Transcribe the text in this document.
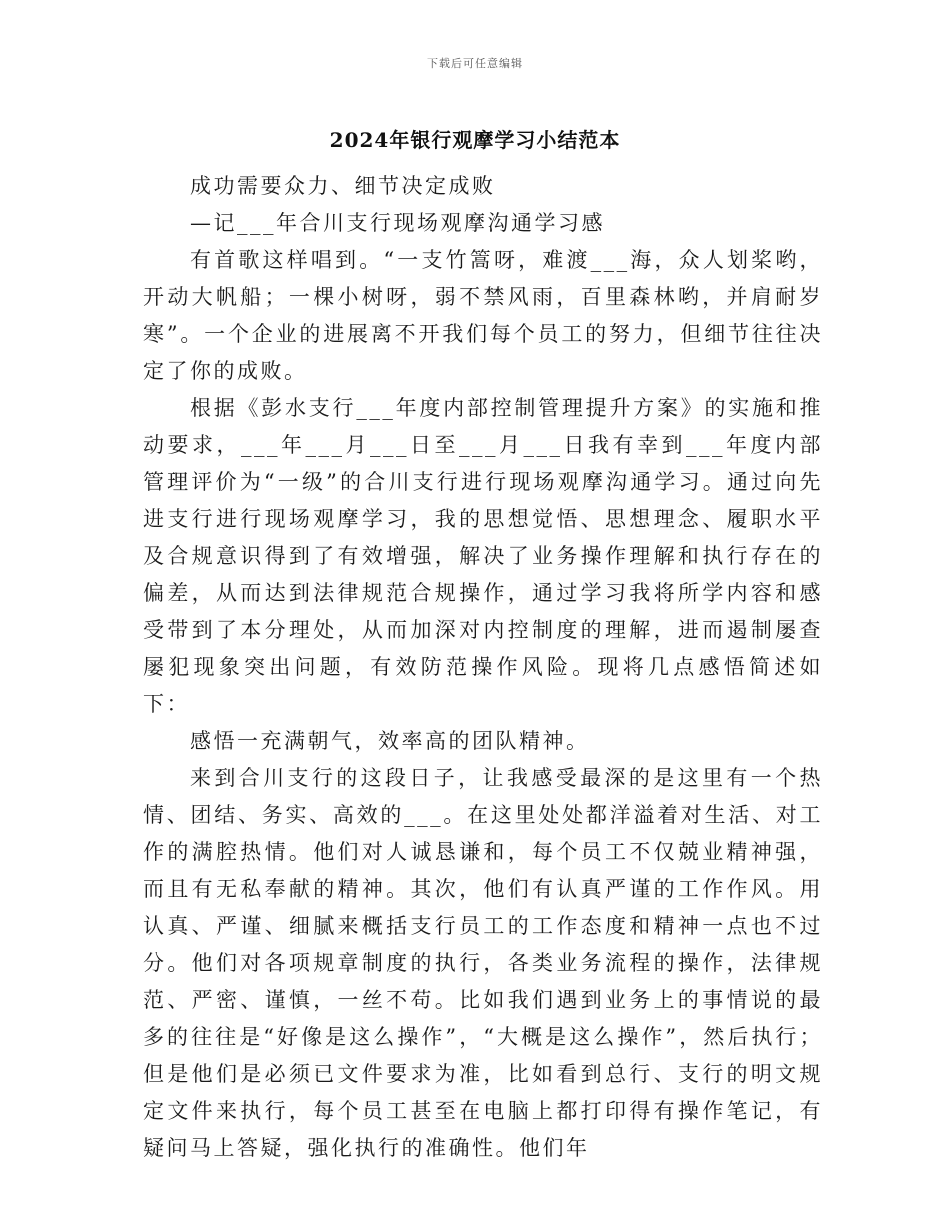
下载后可任意编辑
2024年银行观摩学习小结范本

成功需要众力、细节决定成败

—记___年合川支行现场观摩沟通学习感

有首歌这样唱到。“一支竹篙呀，难渡___海，众人划桨哟，开动大帆船；一棵小树呀，弱不禁风雨，百里森林哟，并肩耐岁寒”。一个企业的进展离不开我们每个员工的努力，但细节往往决定了你的成败。

根据《彭水支行___年度内部控制管理提升方案》的实施和推动要求，___年___月___日至___月___日我有幸到___年度内部管理评价为“一级”的合川支行进行现场观摩沟通学习。通过向先进支行进行现场观摩学习，我的思想觉悟、思想理念、履职水平及合规意识得到了有效增强，解决了业务操作理解和执行存在的偏差，从而达到法律规范合规操作，通过学习我将所学内容和感受带到了本分理处，从而加深对内控制度的理解，进而遏制屡查屡犯现象突出问题，有效防范操作风险。现将几点感悟简述如下：

感悟一充满朝气，效率高的团队精神。

来到合川支行的这段日子，让我感受最深的是这里有一个热情、团结、务实、高效的___。在这里处处都洋溢着对生活、对工作的满腔热情。他们对人诚恳谦和，每个员工不仅兢业精神强，而且有无私奉献的精神。其次，他们有认真严谨的工作作风。用认真、严谨、细腻来概括支行员工的工作态度和精神一点也不过分。他们对各项规章制度的执行，各类业务流程的操作，法律规范、严密、谨慎，一丝不苟。比如我们遇到业务上的事情说的最多的往往是“好像是这么操作”，“大概是这么操作”，然后执行；但是他们是必须已文件要求为准，比如看到总行、支行的明文规定文件来执行，每个员工甚至在电脑上都打印得有操作笔记，有疑问马上答疑，强化执行的准确性。他们年
